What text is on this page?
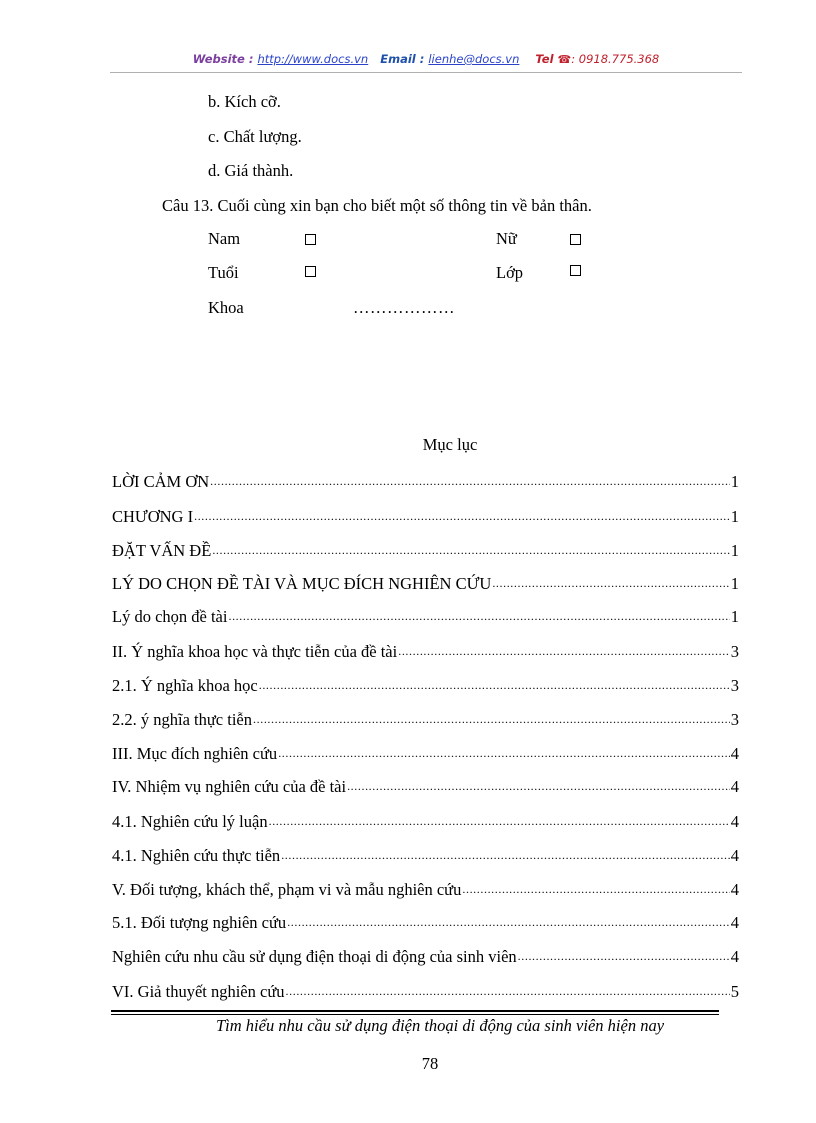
Website : http://www.docs.vn Email : lienhe@docs.vn Tel ☎: 0918.775.368
b. Kích cỡ.
c. Chất lượng.
d. Giá thành.
Câu 13. Cuối cùng xin bạn cho biết một số thông tin về bản thân.
Nam	Nữ
Tuổi	Lớp
Khoa	………………
Mục lục
LỜI CẢM ƠN .....	1
CHƯƠNG I .....	1
ĐẶT VẤN ĐỀ .....	1
LÝ DO CHỌN ĐỀ TÀI VÀ MỤC ĐÍCH NGHIÊN CỨU .....	1
Lý do chọn đề tài .....	1
II. Ý nghĩa khoa học và thực tiễn của đề tài .....	3
2.1. Ý nghĩa khoa học .....	3
2.2. ý nghĩa thực tiễn .....	3
III. Mục đích nghiên cứu .....	4
IV. Nhiệm vụ nghiên cứu của đề tài .....	4
4.1. Nghiên cứu lý luận .....	4
4.1. Nghiên cứu thực tiễn .....	4
V. Đối tượng, khách thể, phạm vi và mẫu nghiên cứu .....	4
5.1. Đối tượng nghiên cứu .....	4
Nghiên cứu nhu cầu sử dụng điện thoại di động của sinh viên .....	4
VI. Giả thuyết nghiên cứu .....	5
Tìm hiểu nhu cầu sử dụng điện thoại di động của sinh viên hiện nay
78
